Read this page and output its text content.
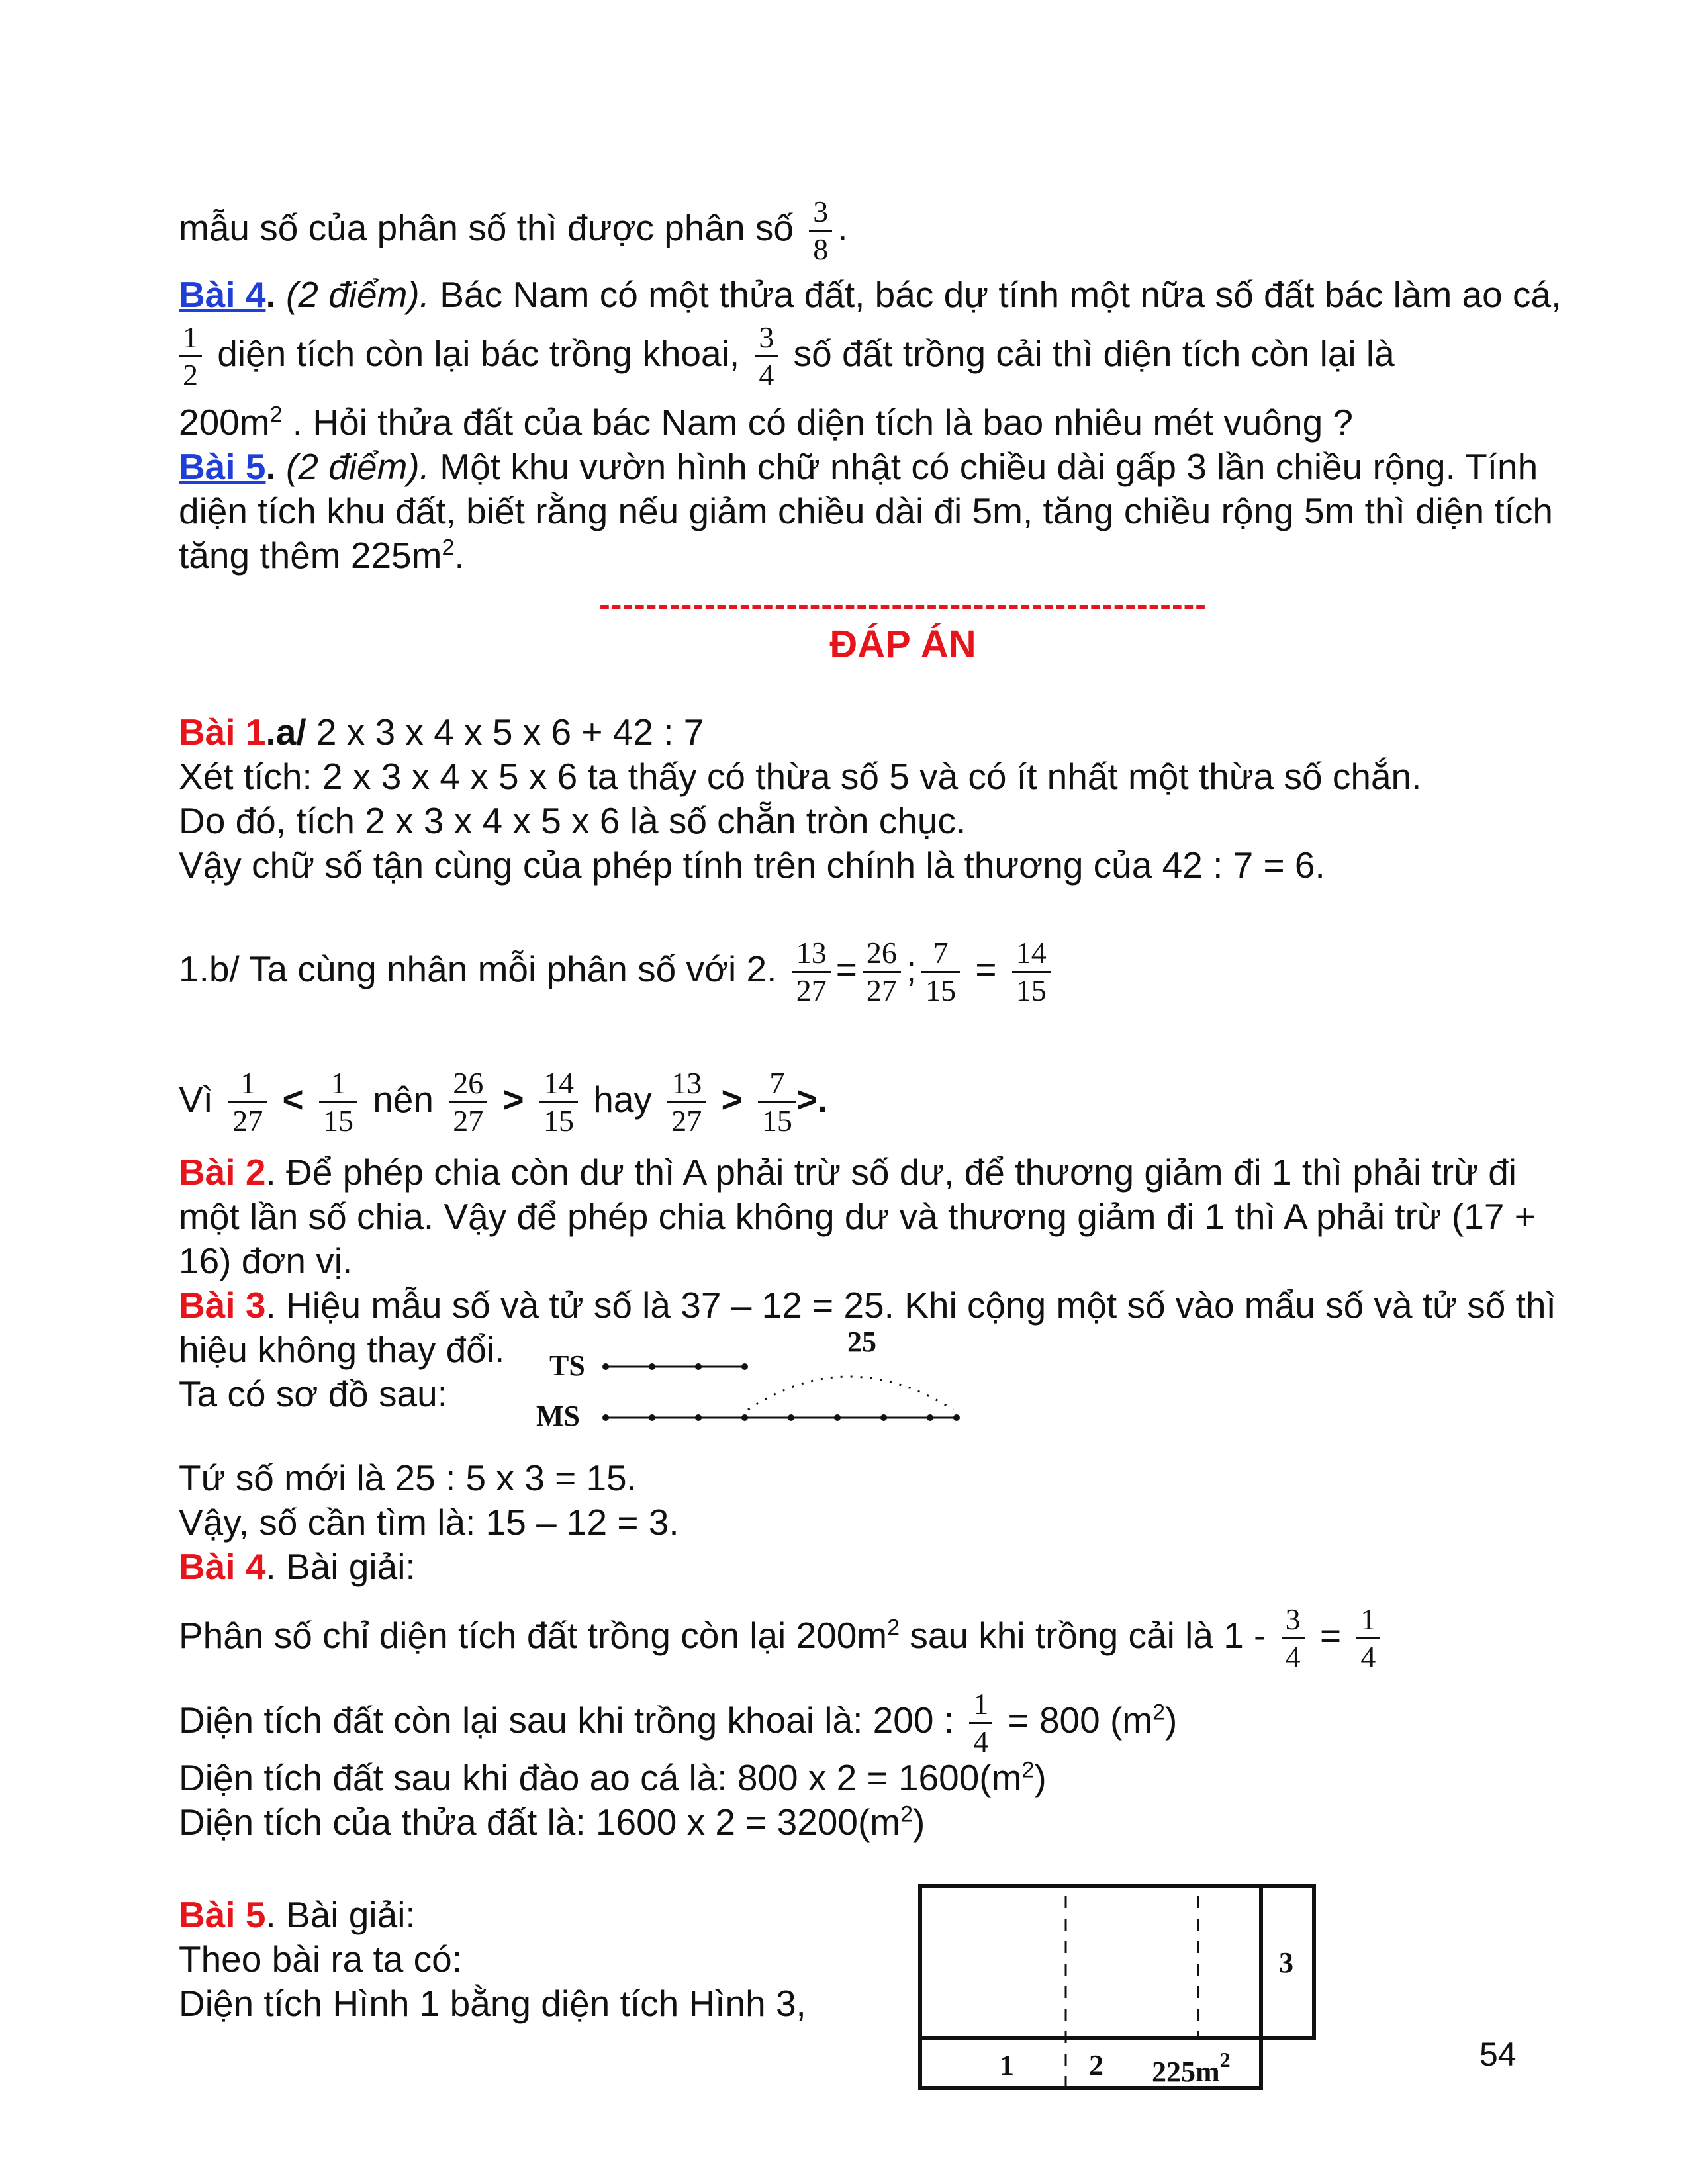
mẫu số của phân số thì được phân số $\frac{3}{8}$ .
Bài 4. (2 điểm). Bác Nam có một thửa đất, bác dự tính một nữa số đất bác làm ao cá,
$\frac{1}{2}$ diện tích còn lại bác trồng khoai, $\frac{3}{4}$ số đất trồng cải thì diện tích còn lại là
$200m^2$ . Hỏi thửa đất của bác Nam có diện tích là bao nhiêu mét vuông ?
Bài 5. (2 điểm). Một khu vườn hình chữ nhật có chiều dài gấp 3 lần chiều rộng. Tính
diện tích khu đất, biết rằng nếu giảm chiều dài đi 5m, tăng chiều rộng 5m thì diện tích
tăng thêm $225m^2$.
----------------------------------------------------
ĐÁP ÁN
Bài 1.a/ 2 x 3 x 4 x 5 x 6 + 42 : 7
Xét tích: 2 x 3 x 4 x 5 x 6 ta thấy có thừa số 5 và có ít nhất một thừa số chắn.
Do đó, tích 2 x 3 x 4 x 5 x 6 là số chẵn tròn chục.
Vậy chữ số tận cùng của phép tính trên chính là thương của 42 : 7 = 6.
1.b/ Ta cùng nhân mỗi phân số với 2. $\frac{13}{27} = \frac{26}{27}$ ; $\frac{7}{15} = \frac{14}{15}$
Vì $\frac{1}{27} < \frac{1}{15}$ nên $\frac{26}{27} > \frac{14}{15}$ hay $\frac{13}{27} > \frac{7}{15}$ >.
Bài 2. Để phép chia còn dư thì A phải trừ số dư, để thương giảm đi 1 thì phải trừ đi
một lần số chia. Vậy để phép chia không dư và thương giảm đi 1 thì A phải trừ (17 +
16) đơn vị.
Bài 3. Hiệu mẫu số và tử số là 37 – 12 = 25. Khi cộng một số vào mẩu số và tử số thì
hiệu không thay đổi.
Ta có sơ đồ sau:
TS
MS
25
Tứ số mới là 25 : 5 x 3 = 15.
Vậy, số cần tìm là: 15 – 12 = 3.
Bài 4. Bài giải:
Phân số chỉ diện tích đất trồng còn lại $200m^2$ sau khi trồng cải là $1 - \frac{3}{4} = \frac{1}{4}$
Diện tích đất còn lại sau khi trồng khoai là: 200 : $\frac{1}{4} = 800$ $(m^2)$
Diện tích đất sau khi đào ao cá là: 800 x $2 = 1600(m^2)$
Diện tích của thửa đất là: 1600 x $2 = 3200(m^2)$
Bài 5. Bài giải:
Theo bài ra ta có:
Diện tích Hình 1 bằng diện tích Hình 3,
1	2 $225m^2$
3
54
